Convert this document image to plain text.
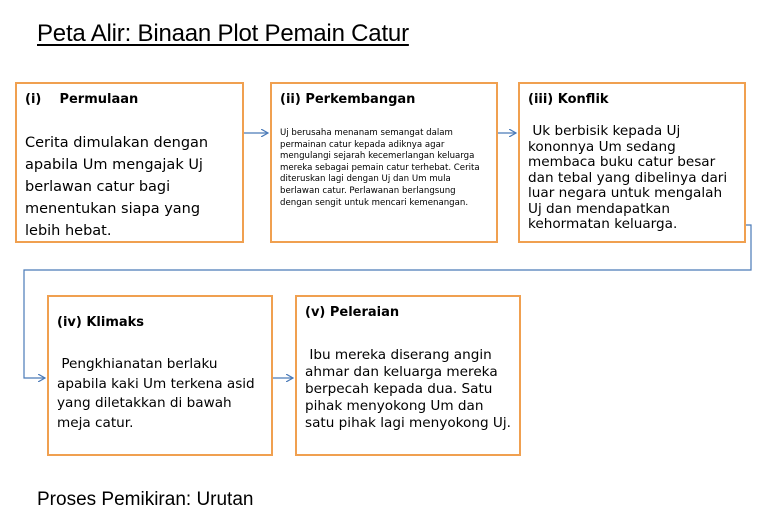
Peta Alir: Binaan Plot Pemain Catur
(i)    Permulaan
Cerita dimulakan dengan apabila Um mengajak Uj berlawan catur bagi menentukan siapa yang lebih hebat.
(ii) Perkembangan
Uj berusaha menanam semangat dalam permainan catur kepada adiknya agar mengulangi sejarah kecemerlangan keluarga mereka sebagai pemain catur terhebat. Cerita diteruskan lagi dengan Uj dan Um mula berlawan catur. Perlawanan berlangsung dengan sengit untuk mencari kemenangan.
(iii) Konflik
Uk berbisik kepada Uj kononnya Um sedang membaca buku catur besar dan tebal yang dibelinya dari luar negara untuk mengalah Uj dan mendapatkan kehormatan keluarga.
(iv) Klimaks
Pengkhianatan berlaku apabila kaki Um terkena asid yang diletakkan di bawah meja catur.
(v) Peleraian
Ibu mereka diserang angin ahmar dan keluarga mereka berpecah kepada dua. Satu pihak menyokong Um dan satu pihak lagi menyokong Uj.
Proses Pemikiran: Urutan
